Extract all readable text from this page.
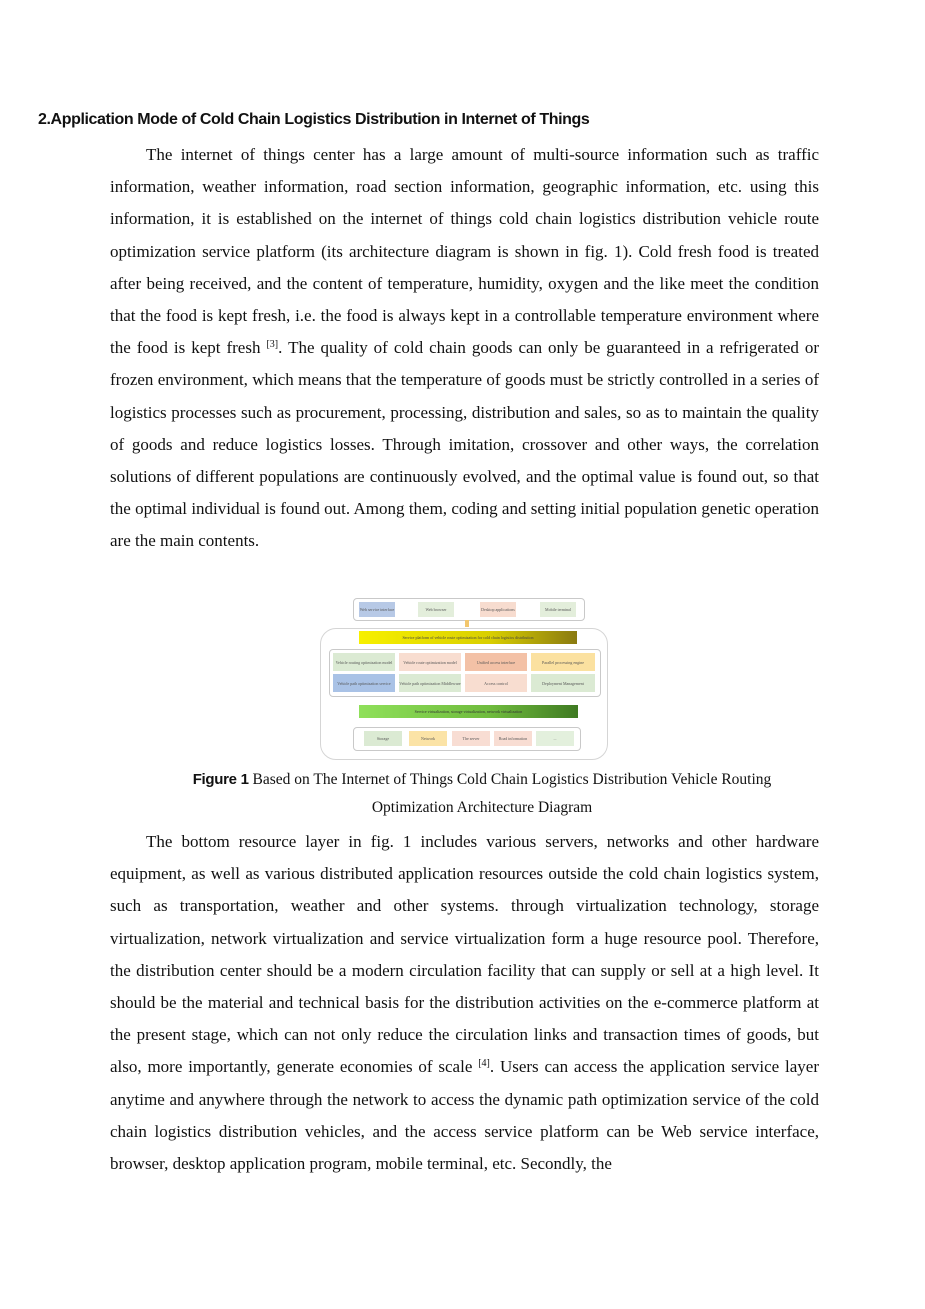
2.Application Mode of Cold Chain Logistics Distribution in Internet of Things
The internet of things center has a large amount of multi-source information such as traffic information, weather information, road section information, geographic information, etc. using this information, it is established on the internet of things cold chain logistics distribution vehicle route optimization service platform (its architecture diagram is shown in fig. 1). Cold fresh food is treated after being received, and the content of temperature, humidity, oxygen and the like meet the condition that the food is kept fresh, i.e. the food is always kept in a controllable temperature environment where the food is kept fresh [3]. The quality of cold chain goods can only be guaranteed in a refrigerated or frozen environment, which means that the temperature of goods must be strictly controlled in a series of logistics processes such as procurement, processing, distribution and sales, so as to maintain the quality of goods and reduce logistics losses. Through imitation, crossover and other ways, the correlation solutions of different populations are continuously evolved, and the optimal value is found out, so that the optimal individual is found out. Among them, coding and setting initial population genetic operation are the main contents.
Web service interface	Web browser	Desktop applications	Mobile terminal
Service platform of vehicle route optimization for cold chain logistics distribution
Vehicle routing optimization model	Vehicle route optimization model	Unified access interface	Parallel processing engine
Vehicle path optimization service	Vehicle path optimization Middleware	Access control	Deployment Management
Service virtualization, storage virtualization, network virtualization
Storage	Network	The server	Road information	...
Figure 1 Based on The Internet of Things Cold Chain Logistics Distribution Vehicle Routing Optimization Architecture Diagram
The bottom resource layer in fig. 1 includes various servers, networks and other hardware equipment, as well as various distributed application resources outside the cold chain logistics system, such as transportation, weather and other systems. through virtualization technology, storage virtualization, network virtualization and service virtualization form a huge resource pool. Therefore, the distribution center should be a modern circulation facility that can supply or sell at a high level. It should be the material and technical basis for the distribution activities on the e-commerce platform at the present stage, which can not only reduce the circulation links and transaction times of goods, but also, more importantly, generate economies of scale [4]. Users can access the application service layer anytime and anywhere through the network to access the dynamic path optimization service of the cold chain logistics distribution vehicles, and the access service platform can be Web service interface, browser, desktop application program, mobile terminal, etc. Secondly, the
